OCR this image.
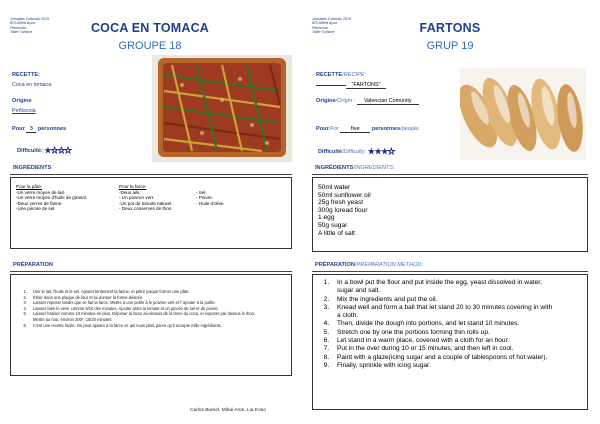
Jornades Culturals 2015
IES Alfred Ayza
Peníscola
Taller Turisme	COCA EN TOMACA
GROUPE 18
RECETTE:
Coca en tomaca
Origine
Peñíscola
Pour 3 personnes
Difficulté: ★★★★
INGRÉDIENTS
Pour la pâte:
-Un verre moyen de lait.
-Un verre moyen d'huile de girasol.
-Deux verres de farine.
-Une pincée de sel.
Pour la farce:
-Deux ails.
- Un poivron vert.
-Un pot de tomate naturel.
- Deux conserves de thon.
- Sel.
- Poivre.
- Huile d'olive.
PRÉPARATION
1. Unir le lait, l'huile et le sel. Ajouter lentement la farine, et pétrir jusque former une pâte.
2. Étirer dans une plaque de four et lui donner la forme désirée.
3. Laisser reposer tandis que se fait la farce. Mettre à une poêle à le poivron vert et l' ajouter à la poêle.
4. Laisser faire le venir comme 5/10 des minutes. Ajouter alors la tomate et un pincée de sel et de poivre.
5. Laisser braiser comme 10 minutes en plus. Déposer la farce au-dessus de la farce du coca, et exposer par dessus le thon. Mettre au four, environ 200º, 15/20 minutes.
6. C'est une recette facile. On peut ajouter à la farce ce qui nous plait, parce qu'il accepte mille ingrédients.
Carlos Burriel, Mihai Aron, Lia Kono
Jornades Culturals 2015
IES Alfred Ayza
Peníscola
Taller Turisme	FARTONS
GRUP 19
RECETTE/RECIPE:
"FARTONS"
Origine/Origin : Valencian Comunity
Pour/For five personnes/people.
Difficulté/Difficulty: ★★★★
INGRÉDIENTS/INGREDIENTS:
50ml water
50ml sunflower oil
25g fresh yeast
300g loread flour
1 egg
50g sugar
A little of salt
PRÉPARATION/PREPARATION METHOD:
1. In a bowl put the flour and put inside the egg, yeast dissolved in water, sugar and salt.
2. Mix the ingredients and put the oil.
3. Knead well and form a ball that let stand 20 to 30 minutes covering in with a cloth.
4. Then, divide the dough into portions, and let stand 10 minutes.
5. Stretch one by one the portions forming thin rolls up.
6. Let stand in a warm place, covered with a cloth for an hour.
7. Put in the over during 10 or 15 minutes, and then left in cool.
8. Paint with a glaze(icing sugar and a couple of tablespoons of hot water).
9. Finally, sprinkle with icing sugar.
